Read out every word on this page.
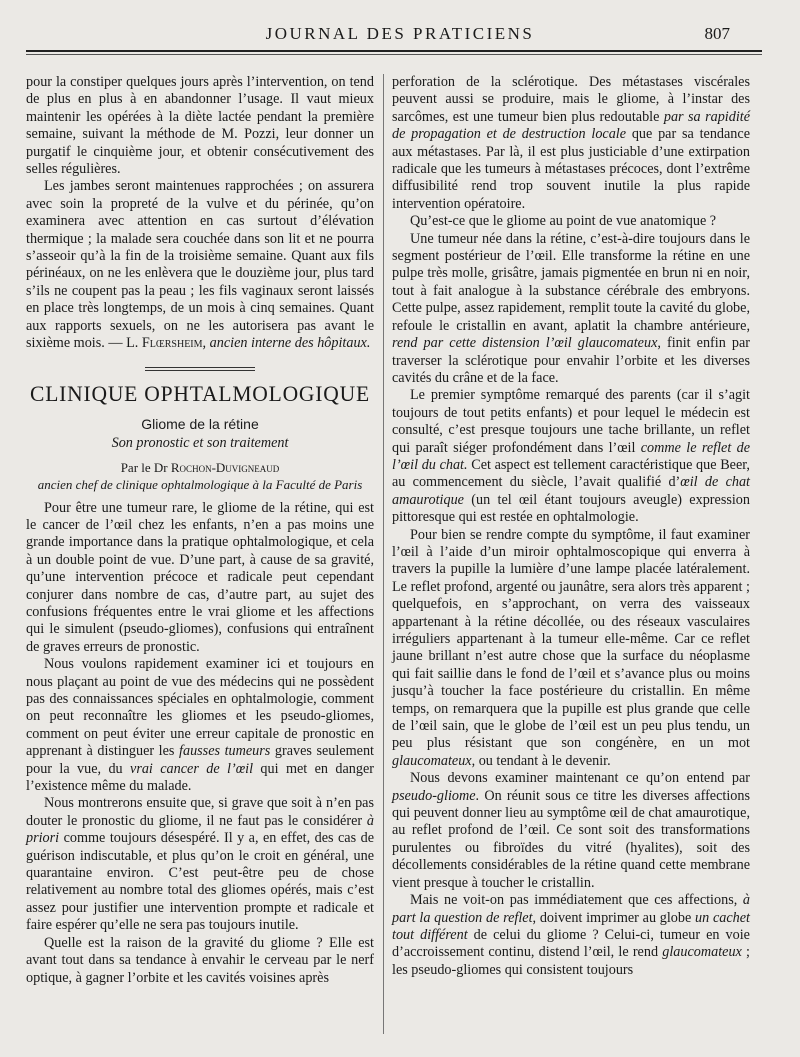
JOURNAL DES PRATICIENS	807

pour la constiper quelques jours après l’intervention, on tend de plus en plus à en abandonner l’usage. Il vaut mieux maintenir les opérées à la diète lactée pendant la première semaine, suivant la méthode de M. Pozzi, leur donner un purgatif le cinquième jour, et obtenir consécutivement des selles régulières.

Les jambes seront maintenues rapprochées ; on assurera avec soin la propreté de la vulve et du périnée, qu’on examinera avec attention en cas surtout d’élévation thermique ; la malade sera couchée dans son lit et ne pourra s’asseoir qu’à la fin de la troisième semaine. Quant aux fils périnéaux, on ne les enlèvera que le douzième jour, plus tard s’ils ne coupent pas la peau ; les fils vaginaux seront laissés en place très longtemps, de un mois à cinq semaines. Quant aux rapports sexuels, on ne les autorisera pas avant le sixième mois. — L. Flœrsheim, ancien interne des hôpitaux.

CLINIQUE OPHTALMOLOGIQUE
Gliome de la rétine
Son pronostic et son traitement
Par le Dr Rochon-Duvigneaud
ancien chef de clinique ophtalmologique à la Faculté de Paris

Pour être une tumeur rare, le gliome de la rétine, qui est le cancer de l’œil chez les enfants, n’en a pas moins une grande importance dans la pratique ophtalmologique, et cela à un double point de vue. D’une part, à cause de sa gravité, qu’une intervention précoce et radicale peut cependant conjurer dans nombre de cas, d’autre part, au sujet des confusions fréquentes entre le vrai gliome et les affections qui le simulent (pseudo-gliomes), confusions qui entraînent de graves erreurs de pronostic.

Nous voulons rapidement examiner ici et toujours en nous plaçant au point de vue des médecins qui ne possèdent pas des connaissances spéciales en ophtalmologie, comment on peut reconnaître les gliomes et les pseudo-gliomes, comment on peut éviter une erreur capitale de pronostic en apprenant à distinguer les fausses tumeurs graves seulement pour la vue, du vrai cancer de l’œil qui met en danger l’existence même du malade.

Nous montrerons ensuite que, si grave que soit à n’en pas douter le pronostic du gliome, il ne faut pas le considérer à priori comme toujours désespéré. Il y a, en effet, des cas de guérison indiscutable, et plus qu’on le croit en général, une quarantaine environ. C’est peut-être peu de chose relativement au nombre total des gliomes opérés, mais c’est assez pour justifier une intervention prompte et radicale et faire espérer qu’elle ne sera pas toujours inutile.

Quelle est la raison de la gravité du gliome ? Elle est avant tout dans sa tendance à envahir le cerveau par le nerf optique, à gagner l’orbite et les cavités voisines après

perforation de la sclérotique. Des métastases viscérales peuvent aussi se produire, mais le gliome, à l’instar des sarcômes, est une tumeur bien plus redoutable par sa rapidité de propagation et de destruction locale que par sa tendance aux métastases. Par là, il est plus justiciable d’une extirpation radicale que les tumeurs à métastases précoces, dont l’extrême diffusibilité rend trop souvent inutile la plus rapide intervention opératoire.

Qu’est-ce que le gliome au point de vue anatomique ?

Une tumeur née dans la rétine, c’est-à-dire toujours dans le segment postérieur de l’œil. Elle transforme la rétine en une pulpe très molle, grisâtre, jamais pigmentée en brun ni en noir, tout à fait analogue à la substance cérébrale des embryons. Cette pulpe, assez rapidement, remplit toute la cavité du globe, refoule le cristallin en avant, aplatit la chambre antérieure, rend par cette distension l’œil glaucomateux, finit enfin par traverser la sclérotique pour envahir l’orbite et les diverses cavités du crâne et de la face.

Le premier symptôme remarqué des parents (car il s’agit toujours de tout petits enfants) et pour lequel le médecin est consulté, c’est presque toujours une tache brillante, un reflet qui paraît siéger profondément dans l’œil comme le reflet de l’œil du chat. Cet aspect est tellement caractéristique que Beer, au commencement du siècle, l’avait qualifié d’œil de chat amaurotique (un tel œil étant toujours aveugle) expression pittoresque qui est restée en ophtalmologie.

Pour bien se rendre compte du symptôme, il faut examiner l’œil à l’aide d’un miroir ophtalmoscopique qui enverra à travers la pupille la lumière d’une lampe placée latéralement. Le reflet profond, argenté ou jaunâtre, sera alors très apparent ; quelquefois, en s’approchant, on verra des vaisseaux appartenant à la rétine décollée, ou des réseaux vasculaires irréguliers appartenant à la tumeur elle-même. Car ce reflet jaune brillant n’est autre chose que la surface du néoplasme qui fait saillie dans le fond de l’œil et s’avance plus ou moins jusqu’à toucher la face postérieure du cristallin. En même temps, on remarquera que la pupille est plus grande que celle de l’œil sain, que le globe de l’œil est un peu plus tendu, un peu plus résistant que son congénère, en un mot glaucomateux, ou tendant à le devenir.

Nous devons examiner maintenant ce qu’on entend par pseudo-gliome. On réunit sous ce titre les diverses affections qui peuvent donner lieu au symptôme œil de chat amaurotique, au reflet profond de l’œil. Ce sont soit des transformations purulentes ou fibroïdes du vitré (hyalites), soit des décollements considérables de la rétine quand cette membrane vient presque à toucher le cristallin.

Mais ne voit-on pas immédiatement que ces affections, à part la question de reflet, doivent imprimer au globe un cachet tout différent de celui du gliome ? Celui-ci, tumeur en voie d’accroissement continu, distend l’œil, le rend glaucomateux ; les pseudo-gliomes qui consistent toujours
